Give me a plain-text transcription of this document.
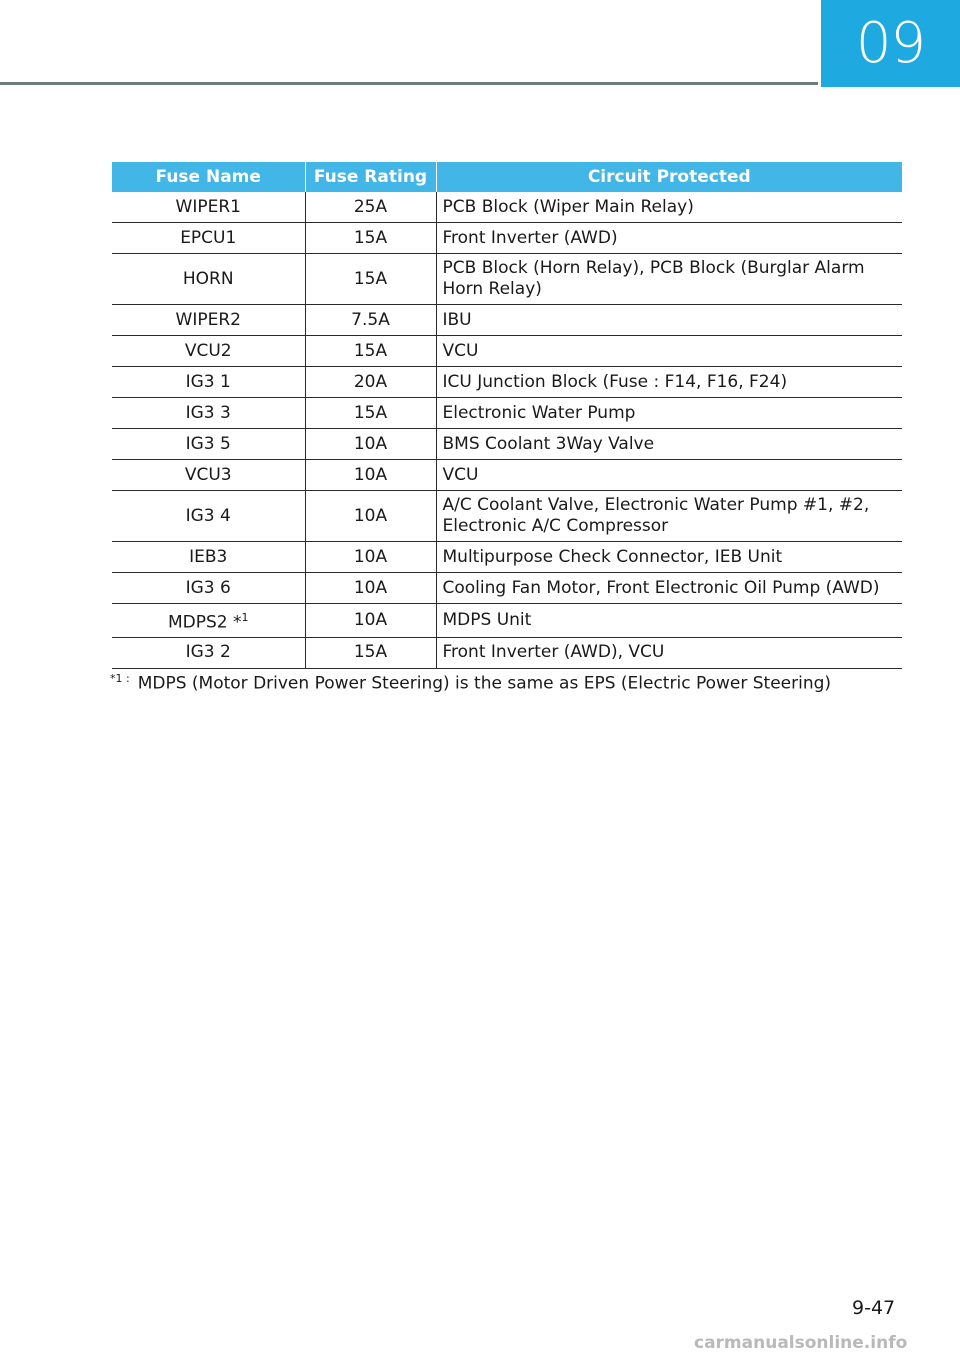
09
Fuse Name	Fuse Rating	Circuit Protected
WIPER1	25A	PCB Block (Wiper Main Relay)
EPCU1	15A	Front Inverter (AWD)
HORN	15A	PCB Block (Horn Relay), PCB Block (Burglar Alarm Horn Relay)
WIPER2	7.5A	IBU
VCU2	15A	VCU
IG3 1	20A	ICU Junction Block (Fuse : F14, F16, F24)
IG3 3	15A	Electronic Water Pump
IG3 5	10A	BMS Coolant 3Way Valve
VCU3	10A	VCU
IG3 4	10A	A/C Coolant Valve, Electronic Water Pump #1, #2, Electronic A/C Compressor
IEB3	10A	Multipurpose Check Connector, IEB Unit
IG3 6	10A	Cooling Fan Motor, Front Electronic Oil Pump (AWD)
MDPS2 *$^1$	10A	MDPS Unit
IG3 2	15A	Front Inverter (AWD), VCU
$^{*1 :}$ MDPS (Motor Driven Power Steering) is the same as EPS (Electric Power Steering)
9-47
carmanualsonline.info
